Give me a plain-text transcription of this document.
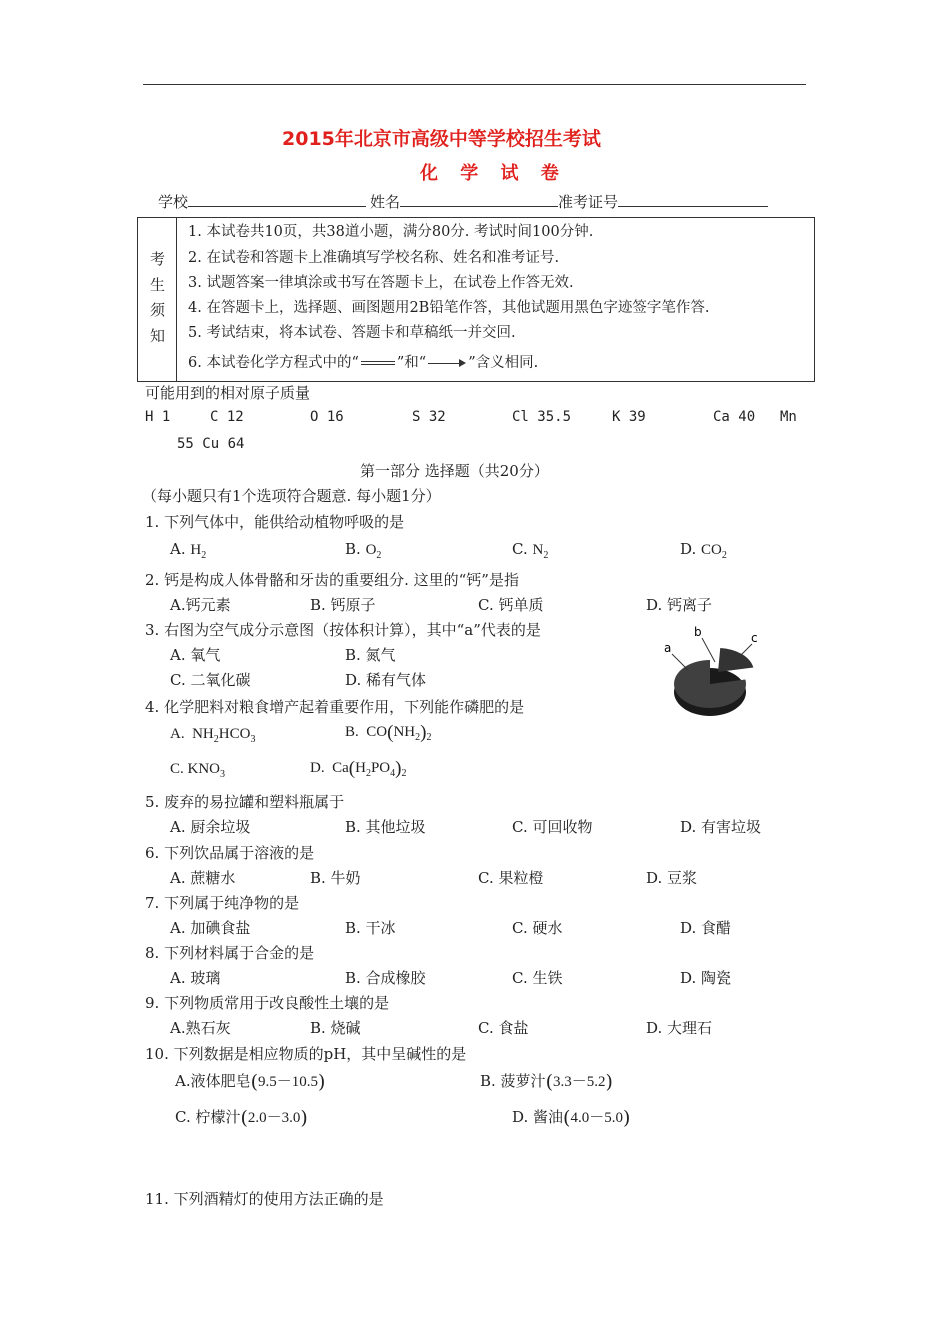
2015年北京市高级中等学校招生考试
化 学 试 卷
学校	姓名	准考证号
考
生
须
知
1. 本试卷共10页，共38道小题，满分80分. 考试时间100分钟.
2. 在试卷和答题卡上准确填写学校名称、姓名和准考证号.
3. 试题答案一律填涂或书写在答题卡上，在试卷上作答无效.
4. 在答题卡上，选择题、画图题用2B铅笔作答，其他试题用黑色字迹签字笔作答.
5. 考试结束，将本试卷、答题卡和草稿纸一并交回.
6. 本试卷化学方程式中的“	”和“	”含义相同.
可能用到的相对原子质量
H 1	C 12	O 16	S 32	Cl 35.5	K 39	Ca 40 Mn
55 Cu 64
第一部分 选择题（共20分）
（每小题只有1个选项符合题意. 每小题1分）
1. 下列气体中，能供给动植物呼吸的是
A. $H_2$	B. $O_2$	C. $N_2$	D. $CO_2$
2. 钙是构成人体骨骼和牙齿的重要组分. 这里的“钙”是指
A.钙元素	B. 钙原子	C. 钙单质	D. 钙离子
3. 右图为空气成分示意图（按体积计算），其中“a”代表的是
A. 氧气	B. 氮气
C. 二氧化碳	D. 稀有气体
a
b	c
4. 化学肥料对粮食增产起着重要作用，下列能作磷肥的是
A. $NH_2HCO_3$	B. $CO(NH_2)_2$
C. $KNO_3$	D. $Ca(H_2PO_4)_2$
5. 废弃的易拉罐和塑料瓶属于
A. 厨余垃圾	B. 其他垃圾	C. 可回收物	D. 有害垃圾
6. 下列饮品属于溶液的是
A. 蔗糖水	B. 牛奶	C. 果粒橙	D. 豆浆
7. 下列属于纯净物的是
A. 加碘食盐	B. 干冰	C. 硬水	D. 食醋
8. 下列材料属于合金的是
A. 玻璃	B. 合成橡胶	C. 生铁	D. 陶瓷
9. 下列物质常用于改良酸性土壤的是
A.熟石灰	B. 烧碱	C. 食盐	D. 大理石
10. 下列数据是相应物质的pH，其中呈碱性的是
A.液体肥皂(9.5－10.5)	B. 菠萝汁(3.3－5.2)
C. 柠檬汁(2.0－3.0)	D. 酱油(4.0－5.0)
11. 下列酒精灯的使用方法正确的是
